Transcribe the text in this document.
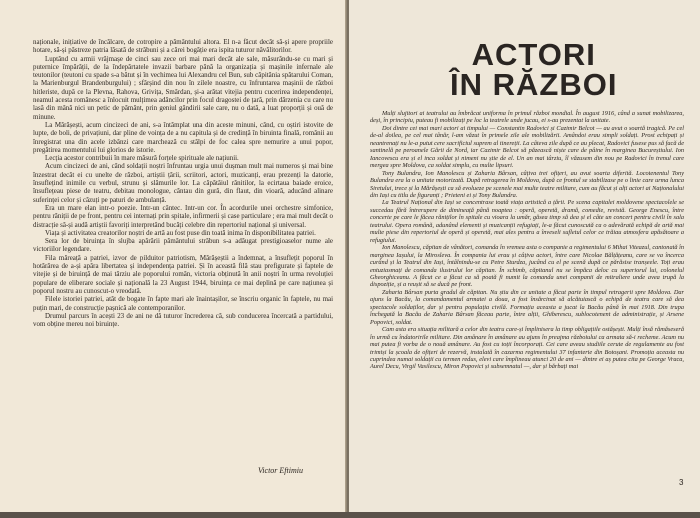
naționale, inițiative de încălcare, de cotropire a pământului altora. El n-a făcut decât să-și apere propriile hotare, să-și păstreze patria lăsată de străbuni și a cărei bogăție era ispita tuturor năvălitorilor.

Luptând cu armii vrăjmașe de cinci sau zece ori mai mari decât ale sale, măsurându-se cu mari și puternice împărății, de la îndepărtatele invazii barbare până la organizația și mașinile infernale ale teutonilor (teutoni cu spade s-a bătut și în vechimea lui Alexandru cel Bun, sub căpitănia spătarului Coman, la Marienburgul Brandenburgului) ; sfârșind din nou în zilele noastre, cu înfruntarea mașinii de război hitleriste, după ce la Plevna, Rahova, Grivița, Smârdan, și-a arătat vitejia pentru cucerirea independenței, neamul acesta românesc a înlocuit mulțimea adâncilor prin focul dragostei de țară, prin dârzenia cu care nu lasă din mână nici un petic de pământ, prin geniul gândirii sale care, nu o dată, a luat proporții și ouă de minune.

La Mărășești, acum cincizeci de ani, s-a întâmplat una din aceste minuni, când, cu oștiri istovite de lupte, de boli, de privațiuni, dar pline de voința de a nu capitula și de credință în biruinta finală, românii au înregistrat una din acele izbânzi care marchează cu stâlpi de foc calea spre nemurire a unui popor, pregătirea momentului lui glorios de istorie.

Lecția acestor contribuii în mare măsură forțele spirituale ale națiunii.

Acum cincizeci de ani, când soldații noștri înfruntau urgia unui dușman mult mai numeros și mai bine înzestrat decât ei cu unelte de război, artiștii țării, scriitori, actori, muzicanți, erau prezenți la datorie, însuflețind inimile cu verbul, strunu și slămurile lor. La căpătâiul rănitilor, la ecirtaua baiade eroice, însuflețeau piese de teatru, debitau monologue, cântau din gură, din flaut, din vioară, aducând alinare suferinței celor și căzuți pe paturi de ambulanță.

Era un mare elan intr-o poezie. Intr-un cântec. Intr-un cor. În acordurile unei orchestre simfonice, pentru răniții de pe front, pentru cei internați prin spitale, infirmerii și case particulare ; era mai mult decât o distracție să-și audă artiștii favoriți interpretând bucăți celebre din repertoriul național și universal.

Viața și activitatea creatorilor noștri de artă au fost puse din toată inima în disponibilitatea patriei.

Sera lor de biruința în slujba apărării pământului străbun s-a adăugat prestigioaselor nume ale victoriilor legendare.

Fila măreață a patriei, izvor de pilduitor patriotism, Mărășeștii a îndemnat, a însuflețit poporul în hotărârea de a-și apăra libertatea și independența patriei. Și în această filă stau prefigurate și faptele de vitejie și de biruință de mai târziu ale poporului român, victoria obținută în anii noștri în urma revoluției populare de eliberare sociale și națională la 23 August 1944, biruința ce mai deplină pe care națiunea și poporul nostru au cunoscut-o vreodată.

Filele istoriei patriei, atât de bogate în fapte mari ale înaintașilor, se înscriu organic în faptele, nu mai puțin mari, de construcție pașnică ale contemporanilor.

Drumul parcurs în acești 23 de ani ne dă tuturor încrederea că, sub conducerea încercată a partidului, vom obține mereu noi biruințe.

Victor Eftimiu
ACTORI
ÎN RĂZBOI

Mulți slujitori ai teatrului au îmbrăcat uniforma în primul război mondial. În august 1916, când a sunat mobilizarea, deși, în principiu, puteau fi mobilizați pe loc la teatrele unde jucau, ei s-au prezentat la unitate.

Doi dintre cei mai mari actori ai timpului — Constantin Radovici și Cazimir Belcot — au avut o soartă tragică. Pe cel de-al doilea, pe cel mai tânăr, l-am văzut în primele zile ale mobilizării. Amândoi erau simpli soldați. Prost echipați și neantrenați nu le-a putut cere sacrificiul suprem al tinereții. La câteva zile după ce au plecat, Radovici fusese pus să facă de santinelă pe peroanele Gării de Nord, iar Cazimir Belcot să păzească niște care de pâine în marginea Bucureștiului. Ion Iancovescu era și el inca soldat și nimeni nu știe de el. Un an mai târziu, îl văzusem din nou pe Radovici în trenul care mergea spre Moldova, ca soldat simplu, cu multe lipsuri.

Tony Bulandra, Ion Manolescu și Zaharia Bârsan, câțiva trei ofițeri, au avut soarta diferită. Locotenentul Tony Bulandra era la o unitate motorizată. După retragerea în Moldova, după ce frontul se stabilizase pe o linie care urma lunca Siretului, trece și la Mărășești ca să evolueze pe scenele mai multe teatre militare, cum au făcut și alți actori ai Naționalului din Iași cu titlu de figuranți ; Prieteni ei și Tony Bulandra.

La Teatrul Național din Iași se concentrase toată viața artistică a țării. Pe scena capitalei moldovene spectacolele se succedau fără întrerupere de dimineață până noaptea : operă, operetă, dramă, comedie, revistă. George Enescu, între concerte pe care le făcea răniților în spitale cu vioara la umăr, găsea timp să dea și el câte un concert pentru civili în sala teatrului. Opera română, adunând elementi și muzicanții refugiați, le-a făcut cunoscută ca o adevărată echipă de artă mai multe piese din repertoriul de operă și operetă, mai ales pentru a înveseli sufletul celor ce trăiau atmosfera apăsătoare a refugiului.

Ion Manolescu, căpitan de vânători, comanda în vremea asta o companie a regimentului 6 Mihai Viteazul, cantonată în marginea Iașului, la Mirosleva. În compania lui erau și câțiva actori, între care Nicolae Bălțățeanu, care se va încerca curând și la Teatrul din Iași, întâlnindu-se cu Petre Sturdza, jucând cu el pe scenă după ce părăsise tranșeele. Toți erau entuziasmați de comanda ilustrului lor căpitan. În schimb, căpitanul nu se împăca deloc cu superiorul lui, colonelul Gheorghiceanu. A făcut ce a făcut ca să poată fi numit la comanda unei companii de mitraliere unde avea trupă la dispoziție, și a reușit să se ducă pe front.

Zaharia Bârsan purta gradul de căpitan. Nu știu din ce unitate a făcut parte în timpul retragerii spre Moldova. Dar ajuns la Bacău, la comandamentul armatei a doua, a fost însărcinat să alcătuiască o echipă de teatru care să dea spectacole soldaților, dar și pentru populația civilă. Formația aceasta a jucat la Bacău până în mai 1918. Din trupa închegată la Bacău de Zaharia Bârsan făceau parte, între alții, Ghiberescu, sublocotenent de administrație, și Arsene Popovici, soldat.

Cam asta era situația militară a celor din teatru care-și împlinisera la timp obligațiile ostășești. Mulți însă rămăseseră în urmă cu îndatoririle militare. Din amânare în amânare au ajuns în preajma războiului ca armata să-i recheme. Acum nu mai putea fi vorba de o nouă amânare. Au fost cu toții încorporați. Cei care aveau studiile cerute de regulamente au fost trimiși la școala de ofițeri de rezervă, instalată în cazarma regimentului 37 infanterie din Botoșani. Promoția aceasta nu cuprindea numai soldații cu termen redus, elevi care împlineau atunci 20 de ani — dintre ei aș putea cita pe George Vraca, Aurel Decu, Virgil Vasilescu, Miron Popovici și subsemnatul —, dar și bărbați mai

3
